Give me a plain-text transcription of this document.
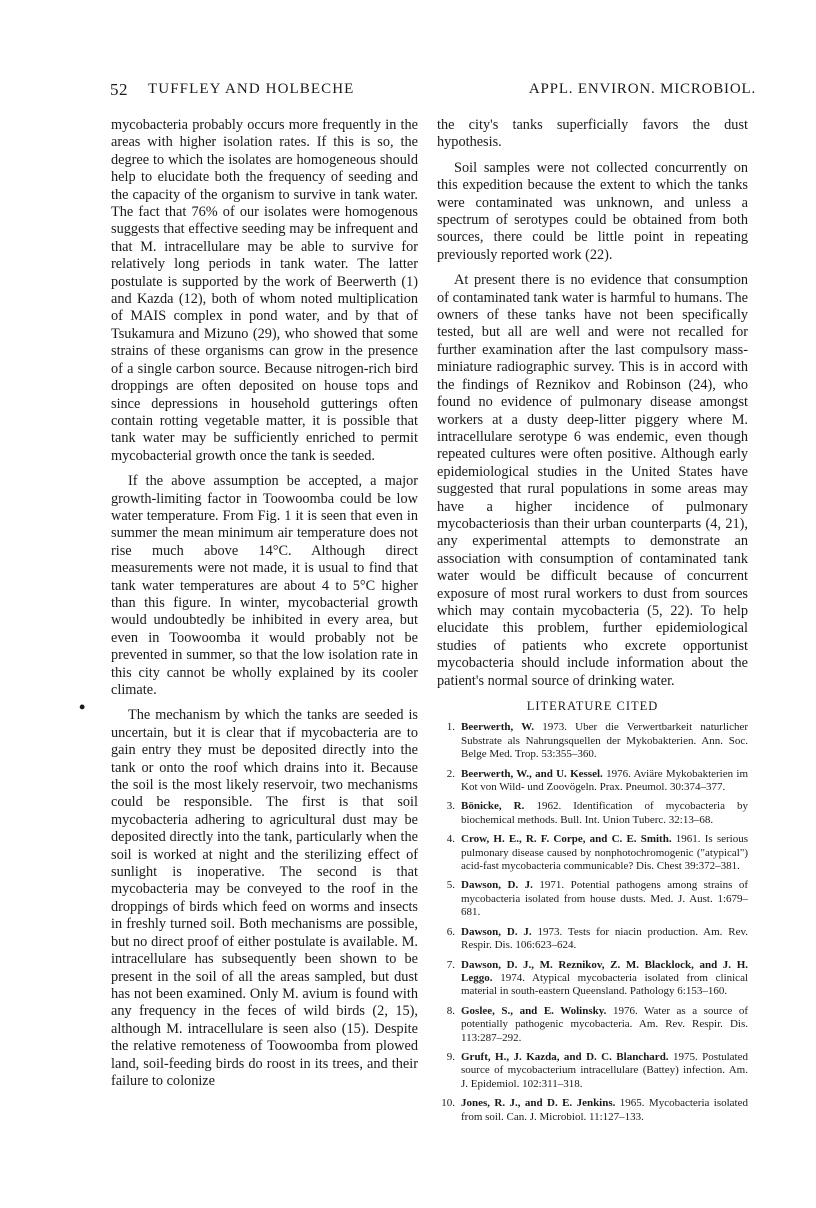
52 TUFFLEY AND HOLBECHE	APPL. ENVIRON. MICROBIOL.
•

mycobacteria probably occurs more frequently in the areas with higher isolation rates. If this is so, the degree to which the isolates are homogeneous should help to elucidate both the frequency of seeding and the capacity of the organism to survive in tank water. The fact that 76% of our isolates were homogenous suggests that effective seeding may be infrequent and that M. intracellulare may be able to survive for relatively long periods in tank water. The latter postulate is supported by the work of Beerwerth (1) and Kazda (12), both of whom noted multiplication of MAIS complex in pond water, and by that of Tsukamura and Mizuno (29), who showed that some strains of these organisms can grow in the presence of a single carbon source. Because nitrogen-rich bird droppings are often deposited on house tops and since depressions in household gutterings often contain rotting vegetable matter, it is possible that tank water may be sufficiently enriched to permit mycobacterial growth once the tank is seeded.

If the above assumption be accepted, a major growth-limiting factor in Toowoomba could be low water temperature. From Fig. 1 it is seen that even in summer the mean minimum air temperature does not rise much above 14°C. Although direct measurements were not made, it is usual to find that tank water temperatures are about 4 to 5°C higher than this figure. In winter, mycobacterial growth would undoubtedly be inhibited in every area, but even in Toowoomba it would probably not be prevented in summer, so that the low isolation rate in this city cannot be wholly explained by its cooler climate.

The mechanism by which the tanks are seeded is uncertain, but it is clear that if mycobacteria are to gain entry they must be deposited directly into the tank or onto the roof which drains into it. Because the soil is the most likely reservoir, two mechanisms could be responsible. The first is that soil mycobacteria adhering to agricultural dust may be deposited directly into the tank, particularly when the soil is worked at night and the sterilizing effect of sunlight is inoperative. The second is that mycobacteria may be conveyed to the roof in the droppings of birds which feed on worms and insects in freshly turned soil. Both mechanisms are possible, but no direct proof of either postulate is available. M. intracellulare has subsequently been shown to be present in the soil of all the areas sampled, but dust has not been examined. Only M. avium is found with any frequency in the feces of wild birds (2, 15), although M. intracellulare is seen also (15). Despite the relative remoteness of Toowoomba from plowed land, soil-feeding birds do roost in its trees, and their failure to colonize

the city's tanks superficially favors the dust hypothesis.

Soil samples were not collected concurrently on this expedition because the extent to which the tanks were contaminated was unknown, and unless a spectrum of serotypes could be obtained from both sources, there could be little point in repeating previously reported work (22).

At present there is no evidence that consumption of contaminated tank water is harmful to humans. The owners of these tanks have not been specifically tested, but all are well and were not recalled for further examination after the last compulsory mass-miniature radiographic survey. This is in accord with the findings of Reznikov and Robinson (24), who found no evidence of pulmonary disease amongst workers at a dusty deep-litter piggery where M. intracellulare serotype 6 was endemic, even though repeated cultures were often positive. Although early epidemiological studies in the United States have suggested that rural populations in some areas may have a higher incidence of pulmonary mycobacteriosis than their urban counterparts (4, 21), any experimental attempts to demonstrate an association with consumption of contaminated tank water would be difficult because of concurrent exposure of most rural workers to dust from sources which may contain mycobacteria (5, 22). To help elucidate this problem, further epidemiological studies of patients who excrete opportunist mycobacteria should include information about the patient's normal source of drinking water.

LITERATURE CITED
1. Beerwerth, W. 1973. Uber die Verwertbarkeit naturlicher Substrate als Nahrungsquellen der Mykobakterien. Ann. Soc. Belge Med. Trop. 53:355–360.
2. Beerwerth, W., and U. Kessel. 1976. Aviäre Mykobakterien im Kot von Wild- und Zoovögeln. Prax. Pneumol. 30:374–377.
3. Bönicke, R. 1962. Identification of mycobacteria by biochemical methods. Bull. Int. Union Tuberc. 32:13–68.
4. Crow, H. E., R. F. Corpe, and C. E. Smith. 1961. Is serious pulmonary disease caused by nonphotochromogenic ("atypical") acid-fast mycobacteria communicable? Dis. Chest 39:372–381.
5. Dawson, D. J. 1971. Potential pathogens among strains of mycobacteria isolated from house dusts. Med. J. Aust. 1:679–681.
6. Dawson, D. J. 1973. Tests for niacin production. Am. Rev. Respir. Dis. 106:623–624.
7. Dawson, D. J., M. Reznikov, Z. M. Blacklock, and J. H. Leggo. 1974. Atypical mycobacteria isolated from clinical material in south-eastern Queensland. Pathology 6:153–160.
8. Goslee, S., and E. Wolinsky. 1976. Water as a source of potentially pathogenic mycobacteria. Am. Rev. Respir. Dis. 113:287–292.
9. Gruft, H., J. Kazda, and D. C. Blanchard. 1975. Postulated source of mycobacterium intracellulare (Battey) infection. Am. J. Epidemiol. 102:311–318.
10. Jones, R. J., and D. E. Jenkins. 1965. Mycobacteria isolated from soil. Can. J. Microbiol. 11:127–133.
